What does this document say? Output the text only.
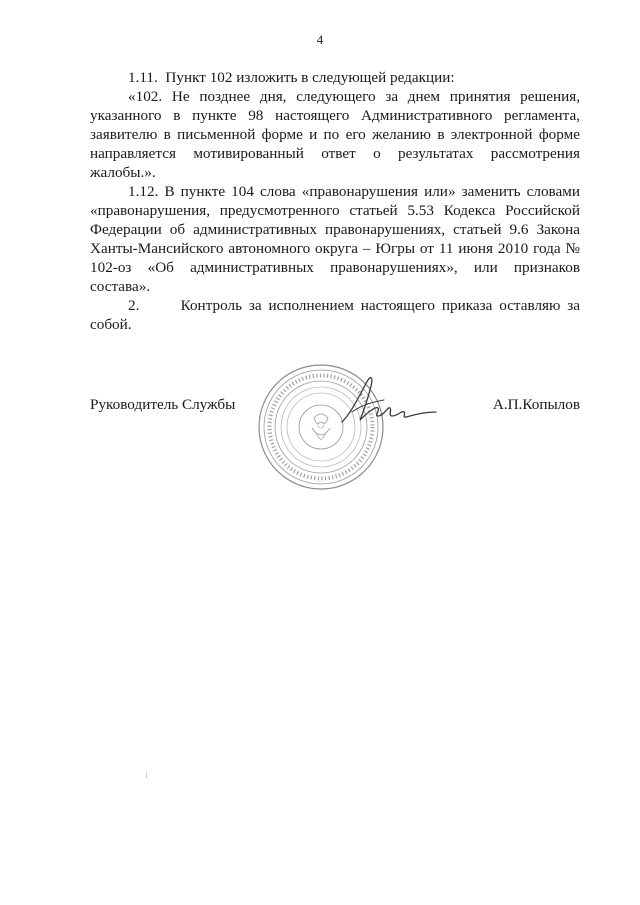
4

1.11.  Пункт 102 изложить в следующей редакции:

«102. Не позднее дня, следующего за днем принятия решения, указанного в пункте 98 настоящего Административного регламента, заявителю в письменной форме и по его желанию в электронной форме направляется мотивированный ответ о результатах рассмотрения жалобы.».

1.12. В пункте 104 слова «правонарушения или» заменить словами «правонарушения, предусмотренного статьей 5.53 Кодекса Российской Федерации об административных правонарушениях, статьей 9.6 Закона Ханты-Мансийского автономного округа – Югры от 11 июня 2010 года № 102-оз «Об административных правонарушениях», или признаков состава».

2.      Контроль за исполнением настоящего приказа оставляю за собой.

Руководитель Службы	А.П.Копылов
